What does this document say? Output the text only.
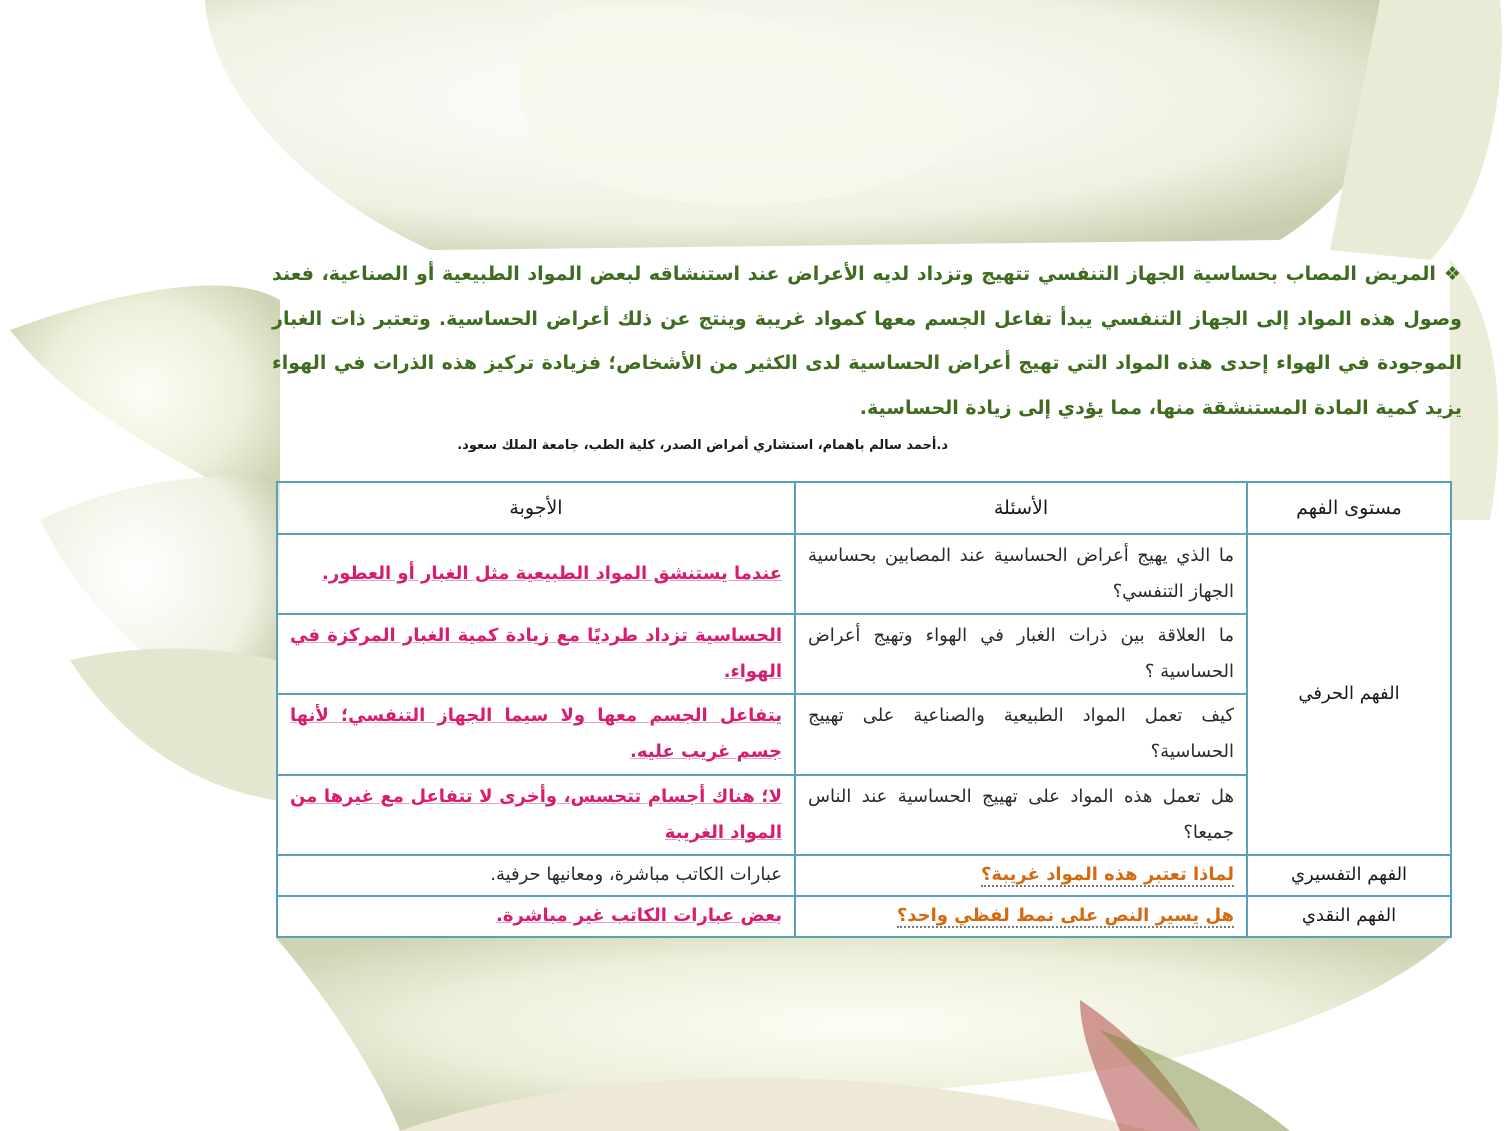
❖المريض المصاب بحساسية الجهاز التنفسي تتهيج وتزداد لديه الأعراض عند استنشاقه لبعض المواد الطبيعية أو الصناعية، فعند وصول هذه المواد إلى الجهاز التنفسي يبدأ تفاعل الجسم معها كمواد غريبة وينتج عن ذلك أعراض الحساسية. وتعتبر ذات الغبار الموجودة في الهواء إحدى هذه المواد التي تهيج أعراض الحساسية لدى الكثير من الأشخاص؛ فزيادة تركيز هذه الذرات في الهواء يزيد كمية المادة المستنشقة منها، مما يؤدي إلى زيادة الحساسية.
د.أحمد سالم باهمام، استشاري أمراض الصدر، كلية الطب، جامعة الملك سعود.
مستوى الفهم	الأسئلة	الأجوبة
الفهم الحرفي	ما الذي يهيج أعراض الحساسية عند المصابين بحساسية الجهاز التنفسي؟	عندما يستنشق المواد الطبيعية مثل الغبار أو العطور.
	ما العلاقة بين ذرات الغبار في الهواء وتهيج أعراض الحساسية ؟	الحساسية تزداد طرديًا مع زيادة كمية الغبار المركزة في الهواء.
	كيف تعمل المواد الطبيعية والصناعية على تهييج الحساسية؟	يتفاعل الجسم معها ولا سيما الجهاز التنفسي؛ لأنها جسم غريب عليه.
	هل تعمل هذه المواد على تهييج الحساسية عند الناس جميعا؟	لا؛ هناك أجسام تتحسس، وأخرى لا تتفاعل مع غيرها من المواد الغريبة
الفهم التفسيري	لماذا تعتبر هذه المواد غريبة؟	عبارات الكاتب مباشرة، ومعانيها حرفية.
الفهم النقدي	هل يسير النص على نمط لفظي واحد؟	بعض عبارات الكاتب غير مباشرة.
